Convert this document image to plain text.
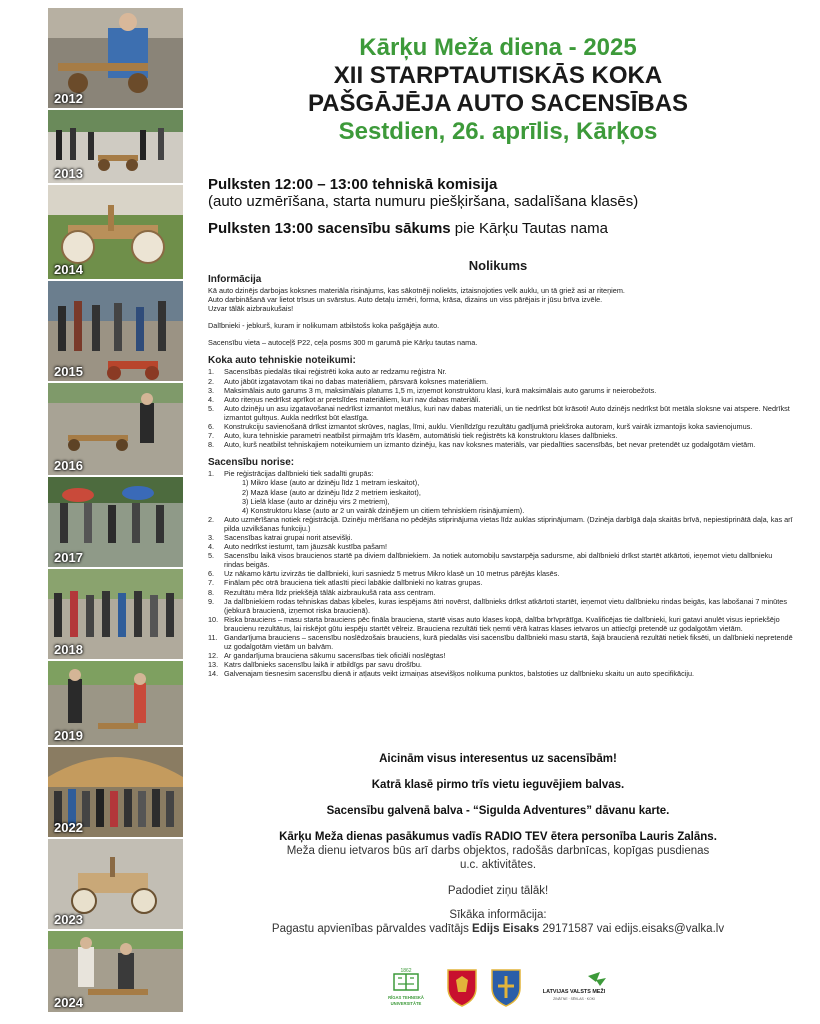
2012
2013
2014
2015
2016
2017
2018
2019
2022
2023
2024
Kārķu Meža diena - 2025
XII STARPTAUTISKĀS KOKA
PAŠGĀJĒJA AUTO SACENSĪBAS
Sestdien, 26. aprīlis, Kārķos
Pulksten 12:00 – 13:00 tehniskā komisija
(auto uzmērīšana, starta numuru piešķiršana, sadalīšana klasēs)
Pulksten 13:00 sacensību sākums pie Kārķu Tautas nama
Nolikums
Informācija
Kā auto dzinējs darbojas koksnes materiāla risinājums, kas sākotnēji noliekts, iztaisnojoties velk auklu, un tā griež asi ar riteņiem.
Auto darbināšanā var lietot trīsus un svārstus. Auto detaļu izmēri, forma, krāsa, dizains un viss pārējais ir jūsu brīva izvēle.
Uzvar tālāk aizbraukušais!
Dalībnieki - jebkurš, kuram ir nolikumam atbilstošs koka pašgājēja auto.
Sacensību vieta – autoceļš P22, ceļa posms 300 m garumā pie Kārķu tautas nama.
Koka auto tehniskie noteikumi:
1. Sacensībās piedalās tikai reģistrēti koka auto ar redzamu reģistra Nr.
2. Auto jābūt izgatavotam tikai no dabas materiāliem, pārsvarā koksnes materiāliem.
3. Maksimālais auto garums 3 m, maksimālais platums 1,5 m, izņemot konstruktoru klasi, kurā maksimālais auto garums ir neierobežots.
4. Auto riteņus nedrīkst aprīkot ar pretslīdes materiāliem, kuri nav dabas materiāli.
5. Auto dzinēju un asu izgatavošanai nedrīkst izmantot metālus, kuri nav dabas materiāli, un tie nedrīkst būt krāsoti! Auto dzinējs nedrīkst būt metāla sloksne vai atspere. Nedrīkst izmantot gultņus. Aukla nedrīkst būt elastīga.
6. Konstrukciju savienošanā drīkst izmantot skrūves, naglas, līmi, auklu. Vienlīdzīgu rezultātu gadījumā priekšroka autoram, kurš vairāk izmantojis koka savienojumus.
7. Auto, kura tehniskie parametri neatbilst pirmajām trīs klasēm, automātiski tiek reģistrēts kā konstruktoru klases dalībnieks.
8. Auto, kurš neatbilst tehniskajiem noteikumiem un izmanto dzinēju, kas nav koksnes materiāls, var piedalīties sacensībās, bet nevar pretendēt uz godalgotām vietām.
Sacensību norise:
1. Pie reģistrācijas dalībnieki tiek sadalīti grupās:
1) Mikro klase (auto ar dzinēju līdz 1 metram ieskaitot),
2) Mazā klase (auto ar dzinēju līdz 2 metriem ieskaitot),
3) Lielā klase (auto ar dzinēju virs 2 metriem),
4) Konstruktoru klase (auto ar 2 un vairāk dzinējiem un citiem tehniskiem risinājumiem).
2. Auto uzmērīšana notiek reģistrācijā. Dzinēju mērīšana no pēdējās stiprinājuma vietas līdz auklas stiprinājumam. (Dzinēja darbīgā daļa skaitās brīvā, nepiestiprinātā daļa, kas arī pilda uzvilkšanas funkciju.)
3. Sacensības katrai grupai norit atsevišķi.
4. Auto nedrīkst iestumt, tam jāuzsāk kustība pašam!
5. Sacensību laikā visos braucienos startē pa diviem dalībniekiem. Ja notiek automobiļu savstarpēja sadursme, abi dalībnieki drīkst startēt atkārtoti, ieņemot vietu dalībnieku rindas beigās.
6. Uz nākamo kārtu izvirzās tie dalībnieki, kuri sasniedz 5 metrus Mikro klasē un 10 metrus pārējās klasēs.
7. Finālam pēc otrā brauciena tiek atlasīti pieci labākie dalībnieki no katras grupas.
8. Rezultātu mēra līdz priekšējā tālāk aizbraukušā rata ass centram.
9. Ja dalībniekiem rodas tehniskas dabas ķibeles, kuras iespējams ātri novērst, dalībnieks drīkst atkārtoti startēt, ieņemot vietu dalībnieku rindas beigās, kas labošanai 7 minūtes (jebkurā braucienā, izņemot riska braucienā).
10. Riska brauciens – masu starta brauciens pēc fināla brauciena, startē visas auto klases kopā, dalība brīvprātīga. Kvalificējas tie dalībnieki, kuri gatavi anulēt visus iepriekšējo braucienu rezultātus, lai riskējot gūtu iespēju startēt vēlreiz. Brauciena rezultāti tiek ņemti vērā katras klases ietvaros un attiecīgi pretendē uz godalgotām vietām.
11. Gandarījuma brauciens – sacensību noslēdzošais brauciens, kurā piedalās visi sacensību dalībnieki masu startā, šajā braucienā rezultāti netiek fiksēti, un dalībnieki nepretendē uz godalgotām vietām un balvām.
12. Ar gandarījuma brauciena sākumu sacensības tiek oficiāli noslēgtas!
13. Katrs dalībnieks sacensību laikā ir atbildīgs par savu drošību.
14. Galvenajam tiesnesim sacensību dienā ir atļauts veikt izmaiņas atsevišķos nolikuma punktos, balstoties uz dalībnieku skaitu un auto specifikāciju.
Aicinām visus interesentus uz sacensībām!
Katrā klasē pirmo trīs vietu ieguvējiem balvas.
Sacensību galvenā balva - “Sigulda Adventures” dāvanu karte.
Kārķu Meža dienas pasākumus vadīs RADIO TEV ētera personība Lauris Zalāns.
Meža dienu ietvaros būs arī darbs objektos, radošās darbnīcas, kopīgas pusdienas
u.c. aktivitātes.
Padodiet ziņu tālāk!
Sīkāka informācija:
Pagastu apvienības pārvaldes vadītājs Edijs Eisaks 29171587 vai edijs.eisaks@valka.lv
1862
RĪGAS TEHNISKĀ
UNIVERSITĀTE
LATVIJAS VALSTS MEŽI
ZINĀTNE · SĒKLAS · KOKI
